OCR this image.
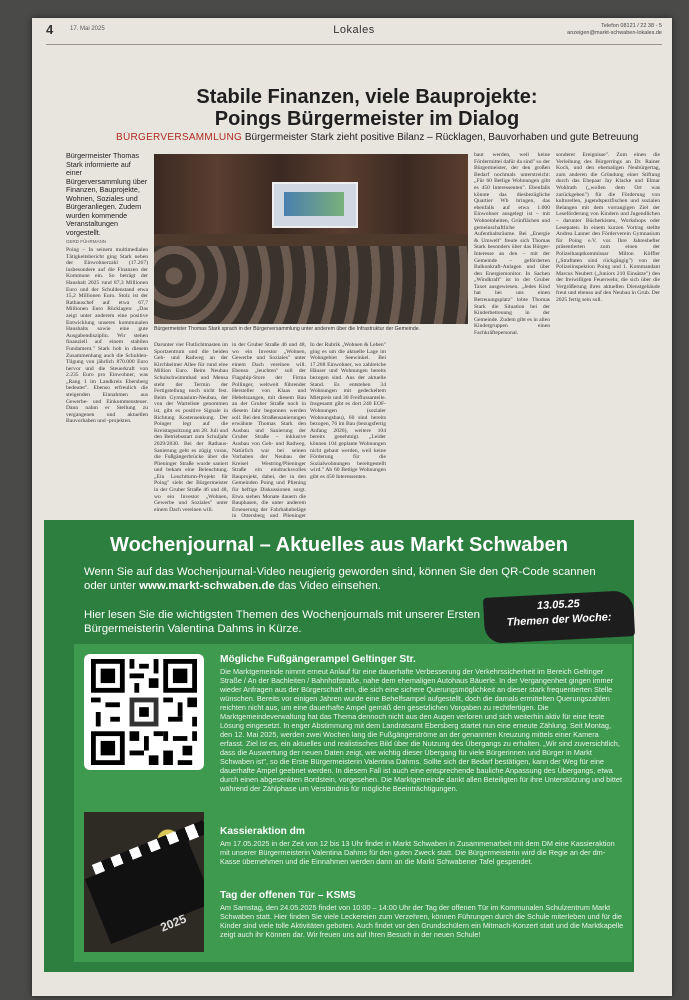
4	17. Mai 2025	Lokales	Telefon 08121 / 22 38 - 5 anzeigen@markt-schwaben-lokales.de
Stabile Finanzen, viele Bauprojekte:
Poings Bürgermeister im Dialog
BÜRGERVERSAMMLUNG Bürgermeister Stark zieht positive Bilanz – Rücklagen, Bauvorhaben und gute Betreuung
Bürgermeister Thomas Stark informierte auf einer Bürgerversammlung über Finanzen, Bauprojekte, Wohnen, Soziales und Bürgeranliegen. Zudem wurden kommende Veranstaltungen vorgestellt.
GERD FÜHRMANN
Poing – In seinem multimedialen Tätigkeitsbericht ging Stark neben der Einwohnerzahl (17.267) insbesondere auf die Finanzen der Kommune ein. So beträgt der Haushalt 2025 rund 87,3 Millionen Euro und der Schuldenstand etwa 15,2 Millionen Euro. Stolz ist der Rathauschef auf etwa 67,7 Millionen Euro Rücklagen: „Das zeigt unter anderem eine positive Entwicklung unseres kommunalen Haushalts sowie eine gute Ausgabendisziplin. Wir stehen finanziell auf einem stabilen Fundament." Stark hob in diesem Zusammenhang auch die Schulden-Tilgung von jährlich 870.000 Euro hervor und die Steuerkraft von 2.235 Euro pro Einwohner, was „Rang 1 im Landkreis Ebersberg bedeutet". Ebenso erfreulich die steigenden Einnahmen aus Gewerbe- und Einkommensteuer. Dann nahm er Stellung zu vergangenen und aktuellen Bauvorhaben und -projekten.
Bürgermeister Thomas Stark sprach in der Bürgerversammlung unter anderem über die Infrastruktur der Gemeinde.
Darunter vier Flutlichtmasten im Sportzentrum und die beiden Geh- und Radweg an der Kirchheimer Allee für rund eine Million Euro. Beim Neubau Schulschwimmbad und Mensa steht der Termin der Fertigstellung noch nicht fest. Beim Gymnasium-Neubau, der von der Warteliste genommen ist, gibt es positive Signale in Richtung Kostensenkung. Der Poinger legt auf die Kreistagssitzung am 28. Juli und den Betriebsstart zum Schuljahr 2029/2030. Bei der Rathaus-Sanierung geht es zügig voran, die Fußgängerbrücke über die Plieninger Straße wurde saniert und bekam eine Beleuchtung. „Ein Leuchtturm-Projekt für Poing" sieht der Bürgermeister in der Gruber Straße 46 und 48, wo ein Investor „Wohnen, Gewerbe und Soziales" unter einem Dach vereinen will.
in der Gruber Straße 46 und 48, wo ein Investor „Wohnen, Gewerbe und Soziales" unter einem Dach vereinen will. Ebenso „leuchten" soll der Flagship-Store der Firma Pollinger, weltweit führender Hersteller von Klaas und Hebelszangen, mit diesem Bau an der Gruber Straße noch in diesem Jahr begonnen werden soll. Bei den Straßensanierungen erwähnte Thomas Stark den Ausbau und Sanierung der Gruber Straße – inklusive Ausbau von Geh- und Radweg. Natürlich war bei seinen Vorhaben der Neubau der Kreisel Westring/Plieninger Straße ein eindrucksvolles Bauprojekt, dabei, der in den Gemeinden Poing und Pliening für heftige Diskussionen sorgt. Etwa sieben Monate dauern die Bauphasen, die unter anderem Erneuerung der Fahrbahnbeläge in Ottersberg und Plieninger
In der Rubrik „Wohnen & Leben" ging es um die aktuelle Lage im Wohngebiet Seewinkel. Bei 17.268 Einwohner, wo zahlreiche Häuser und Wohnungen bereits bezogen sind. Aus der aktuelle Stand. Es entstehen 34 Wohnungen mit gedeckeltem Mietpreis und 30 Freiflussanteile. Insgesamt gibt es dort 240 EOF-Wohnungen (sozialer Wohnungsbau), 60 sind bereits bezogen, 76 im Bau (bezugsfertig Anfang 2026), weitere 104 bereits genehmigt. „Leider können 104 geplante Wohnungen nicht gebaut werden, weil keine Förderung für die Sozialwohnungen bereitgestellt wird." Ab 60 Betlige Wohnungen gibt es 450 Interessenten.
baut werden, weil keine Fördermittel dafür da sind" so der Bürgermeister, der den großen Bedarf nochmals unterstreicht: „Für 60 Betlige Wohnungen gibt es 450 Interessenten". Ebenfalls könnte das diesbezügliche Quartier Wb bringen, das ebenfalls auf etwa 1.000 Einwohner ausgelegt ist – mit Wohneinheiten, Grünflächen und gemeinschaftliche Aufenthaltsräume. Bei „Energie & Umwelt" freute sich Thomas Stark besonders über das Bürger-Interesse an den – mit der Gemeinde – geförderten Balkonkraft-Anlagen und über den Energiemonitor. In Sachen „Windkraft" ist in der Gruber Taxet ausgewiesen. „Jedes Kind hat bei uns einen Betreuungsplatz" lobte Thomas Stark die Situation bei der Kinderbetreuung in der Gemeinde. Zudem gibt es in allen Kindergruppen einen Fachkräftepersonal.
sonderer Ereignisse". Zum einen die Verleihung des Bürgerrings an Dr. Rainer Koch, und den ehemaligen Neubürgertag, zum anderen die Gründung einer Stiftung durch das Ehepaar Jay Klacke und Elmar Wohlrath („wollen dem Ort was zurückgeben") für die Förderung von kulturellen, jugendspezifischen und sozialen Belangen mit dem vorrangigen Ziel der Leseförderung von Kindern und Jugendlichen – darunter Bücherkisten, Workshops oder Lesepaten. In einem kurzen Vortrag stellte Andrea Lanner den Förderverein Gymnasium für Poing e.V. vor. Ihre Jahreshefter präsentierten zum einen der Polizeihauptkommissar Milton Köffler („Straftaten sind rückgängig") von der Polizeiinspektion Poing und 1. Kommandant Marcus Neubert („Juniors 210 Einsätze") den der freiwilligen Feuerwehr, die sich über die Vergrößerung ihres aktuellen Dienstgebäude freut und ebenso auf den Neubau in Grub. Der 2025 fertig sein soll.
Wochenjournal – Aktuelles aus Markt Schwaben
Wenn Sie auf das Wochenjournal-Video neugierig geworden sind, können Sie den QR-Code scannen
oder unter www.markt-schwaben.de das Video einsehen.
Hier lesen Sie die wichtigsten Themen des Wochenjournals mit unserer Ersten Bürgermeisterin Valentina Dahms in Kürze.
13.05.25
Themen der Woche:
2025
Mögliche Fußgängerampel Geltinger Str.

Die Marktgemeinde nimmt erneut Anlauf für eine dauerhafte Verbesserung der Verkehrssicherheit im Bereich Geltinger Straße / An der Bachleiten / Bahnhofstraße, nahe dem ehemaligen Autohaus Bäuerle. In der Vergangenheit gingen immer wieder Anfragen aus der Bürgerschaft ein, die sich eine sichere Querungsmöglichkeit an dieser stark frequentierten Stelle wünschen. Bereits vor einigen Jahren wurde eine Behelfsampel aufgestellt, doch die damals ermittelten Querungszahlen reichten nicht aus, um eine dauerhafte Ampel gemäß den gesetzlichen Vorgaben zu rechtfertigen. Die Marktgemeindeverwaltung hat das Thema dennoch nicht aus den Augen verloren und sich weiterhin aktiv für eine feste Lösung eingesetzt. In enger Abstimmung mit dem Landratsamt Ebersberg startet nun eine erneute Zählung. Seit Montag, den 12. Mai 2025, werden zwei Wochen lang die Fußgängerströme an der genannten Kreuzung mittels einer Kamera erfasst. Ziel ist es, ein aktuelles und realistisches Bild über die Nutzung des Übergangs zu erhalten. „Wir sind zuversichtlich, dass die Auswertung der neuen Daten zeigt, wie wichtig dieser Übergang für viele Bürgerinnen und Bürger in Markt Schwaben ist", so die Erste Bürgermeisterin Valentina Dahms. Sollte sich der Bedarf bestätigen, kann der Weg für eine dauerhafte Ampel geebnet werden. In diesem Fall ist auch eine entsprechende bauliche Anpassung des Übergangs, etwa durch einen abgesenkten Bordstein, vorgesehen. Die Marktgemeinde dankt allen Beteiligten für ihre Unterstützung und bittet während der Zählphase um Verständnis für mögliche Beeinträchtigungen.

Kassieraktion dm

Am 17.05.2025 in der Zeit von 12 bis 13 Uhr findet in Markt Schwaben in Zusammenarbeit mit dem DM eine Kassieraktion mit unserer Bürgermeisterin Valentina Dahms für den guten Zweck statt. Die Bürgermeisterin wird die Regie an der dm-Kasse übernehmen und die Einnahmen werden dann an die Markt Schwabener Tafel gespendet.

Tag der offenen Tür – KSMS

Am Samstag, den 24.05.2025 findet von 10:00 – 14:00 Uhr der Tag der offenen Tür im Kommunalen Schulzentrum Markt Schwaben statt. Hier finden Sie viele Leckereien zum Verzehren, können Führungen durch die Schule miterleben und für die Kinder sind viele tolle Aktivitäten geboten. Auch findet vor den Grundschülern ein Mitmach-Konzert statt und die Marktkapelle zeigt auch ihr Können dar. Wir freuen uns auf Ihren Besuch in der neuen Schule!
